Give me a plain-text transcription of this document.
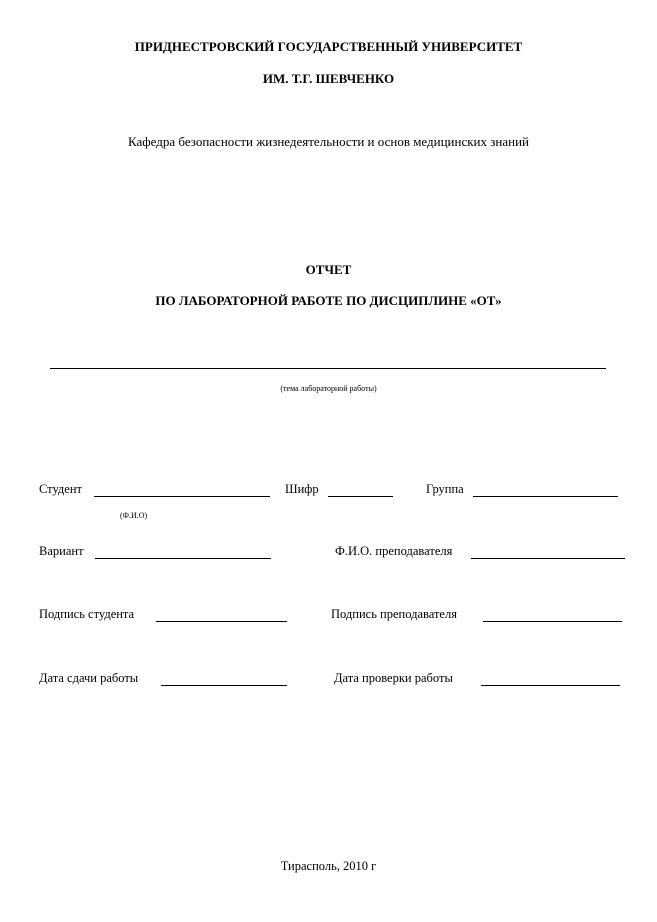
ПРИДНЕСТРОВСКИЙ ГОСУДАРСТВЕННЫЙ УНИВЕРСИТЕТ
ИМ. Т.Г. ШЕВЧЕНКО
Кафедра безопасности жизнедеятельности и основ медицинских знаний
ОТЧЕТ
ПО ЛАБОРАТОРНОЙ РАБОТЕ ПО ДИСЦИПЛИНЕ «ОТ»
(тема лабораторной работы)
Студент	Шифр	Группа
(Ф.И.О)
Вариант	Ф.И.О. преподавателя
Подпись студента	Подпись преподавателя
Дата сдачи работы	Дата проверки работы
Тирасполь, 2010 г
